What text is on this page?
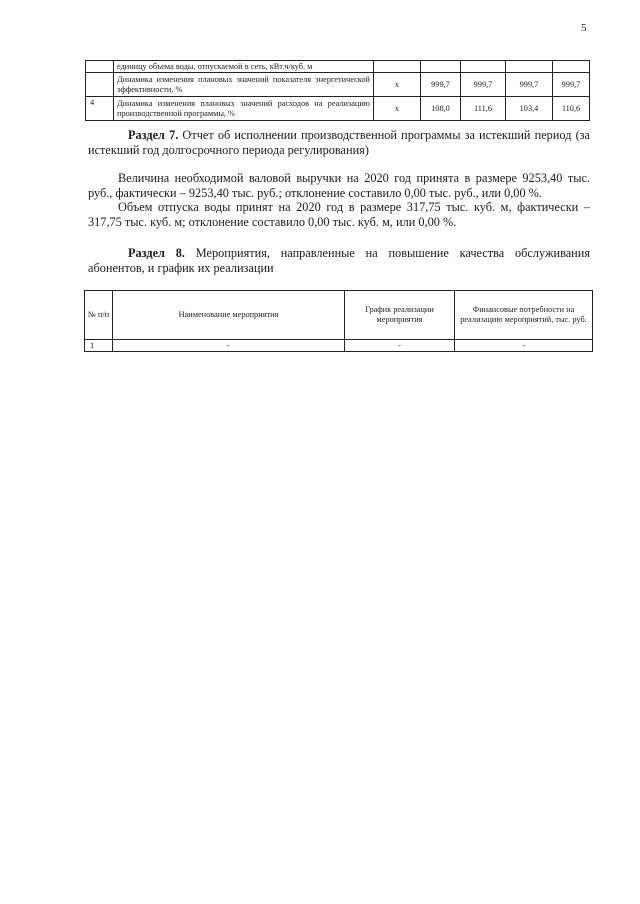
5
	единицу объема воды, отпускаемой в сеть, кВт.ч/куб. м					
	Динамика изменения плановых значений показателя энергетической эффективности, %	x	999,7	999,7	999,7	999,7
4	Динамика изменения плановых значений расходов на реализацию производственной программы, %	x	108,0	111,6	103,4	110,6

Раздел 7. Отчет об исполнении производственной программы за истекший период (за истекший год долгосрочного периода регулирования)

Величина необходимой валовой выручки на 2020 год принята в размере 9253,40 тыс. руб., фактически – 9253,40 тыс. руб.; отклонение составило 0,00 тыс. руб., или 0,00 %.

Объем отпуска воды принят на 2020 год в размере 317,75 тыс. куб. м, фактически – 317,75 тыс. куб. м; отклонение составило 0,00 тыс. куб. м, или 0,00 %.

Раздел 8. Мероприятия, направленные на повышение качества обслуживания абонентов, и график их реализации

№ п/п	Наименование мероприятия	График реализации мероприятия	Финансовые потребности на реализацию мероприятий, тыс. руб.
1	-	-	-
